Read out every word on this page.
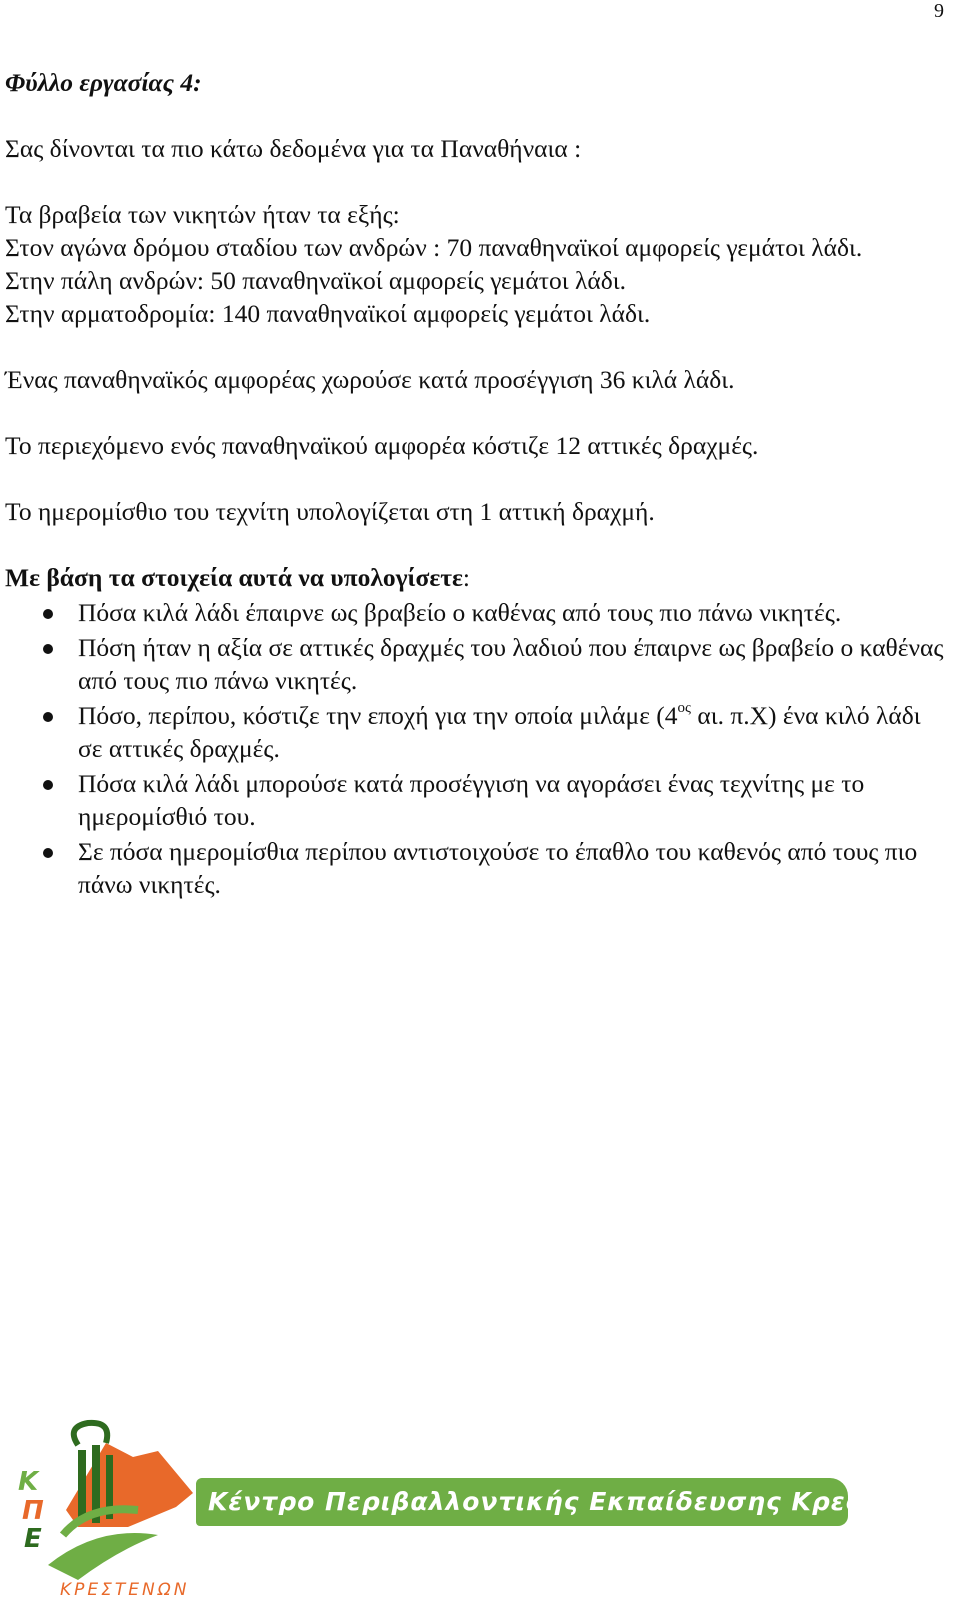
9

Φύλλο εργασίας 4:

Σας δίνονται τα πιο κάτω δεδομένα για τα Παναθήναια :

Τα βραβεία των νικητών ήταν τα εξής:

Στον αγώνα δρόμου σταδίου των ανδρών : 70 παναθηναϊκοί αμφορείς γεμάτοι λάδι.

Στην πάλη ανδρών: 50 παναθηναϊκοί αμφορείς γεμάτοι λάδι.

Στην αρματοδρομία: 140 παναθηναϊκοί αμφορείς γεμάτοι λάδι.

Ένας παναθηναϊκός αμφορέας χωρούσε κατά προσέγγιση 36 κιλά λάδι.

Το περιεχόμενο ενός παναθηναϊκού αμφορέα κόστιζε 12 αττικές δραχμές.

Το ημερομίσθιο του τεχνίτη υπολογίζεται στη 1 αττική δραχμή.

Με βάση τα στοιχεία αυτά να υπολογίσετε:

Πόσα κιλά λάδι έπαιρνε ως βραβείο ο καθένας από τους πιο πάνω νικητές.
Πόση ήταν η αξία σε αττικές δραχμές του λαδιού που έπαιρνε ως βραβείο ο καθένας από τους πιο πάνω νικητές.
Πόσο, περίπου, κόστιζε την εποχή για την οποία μιλάμε ($4^{o\varsigma}$ αι. π.Χ) ένα κιλό λάδι σε αττικές δραχμές.
Πόσα κιλά λάδι μπορούσε κατά προσέγγιση να αγοράσει ένας τεχνίτης με το ημερομίσθιό του.
Σε πόσα ημερομίσθια περίπου αντιστοιχούσε το έπαθλο του καθενός από τους πιο πάνω νικητές.
Κ
Π
Ε
ΚΡΕΣΤΕΝΩΝ
Κέντρο Περιβαλλοντικής Εκπαίδευσης Κρεστένων
